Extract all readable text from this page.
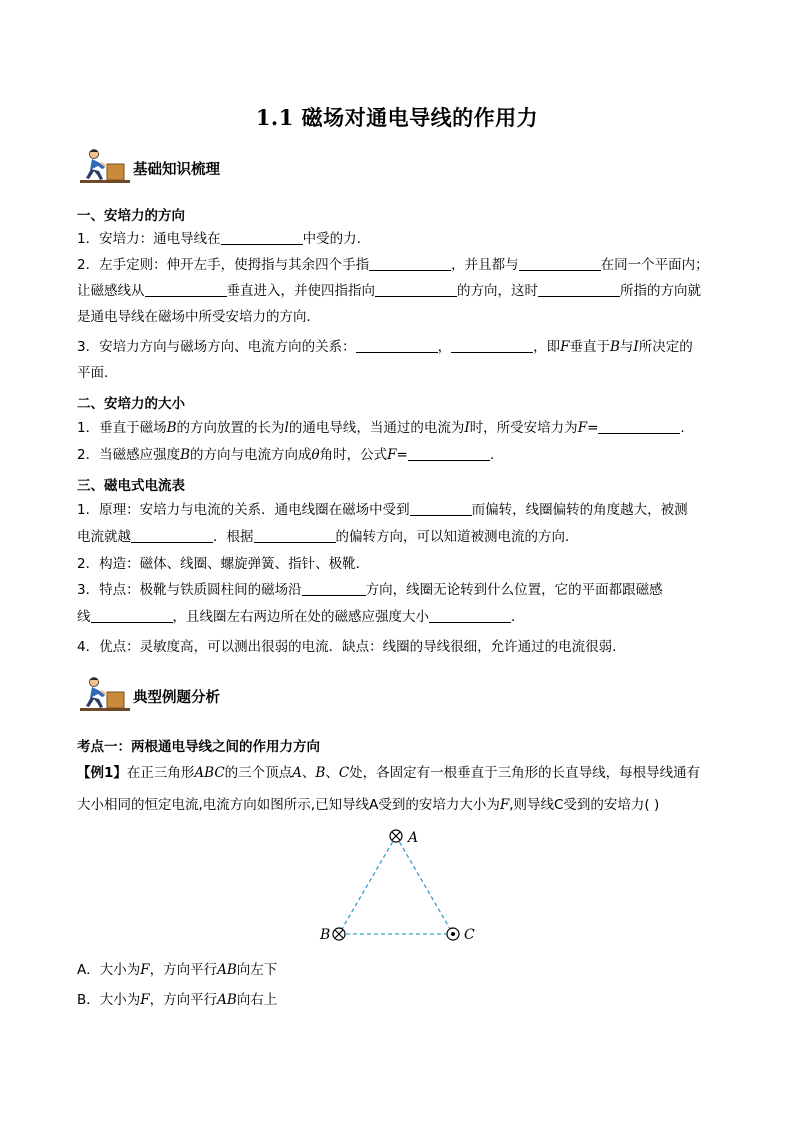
1.1 磁场对通电导线的作用力
基础知识梳理
一、安培力的方向
1．安培力：通电导线在	中受的力．
2．左手定则：伸开左手，使拇指与其余四个手指	，并且都与	在同一个平面内；
让磁感线从	垂直进入，并使四指指向	的方向，这时	所指的方向就
是通电导线在磁场中所受安培力的方向．
3．安培力方向与磁场方向、电流方向的关系：	，	，即F垂直于B与I所决定的
平面．
二、安培力的大小
1．垂直于磁场B的方向放置的长为l的通电导线，当通过的电流为I时，所受安培力为F=	.
2．当磁感应强度B的方向与电流方向成θ角时，公式F=	.
三、磁电式电流表
1．原理：安培力与电流的关系．通电线圈在磁场中受到	而偏转，线圈偏转的角度越大，被测
电流就越	．根据	的偏转方向，可以知道被测电流的方向．
2．构造：磁体、线圈、螺旋弹簧、指针、极靴．
3．特点：极靴与铁质圆柱间的磁场沿	方向，线圈无论转到什么位置，它的平面都跟磁感
线	，且线圈左右两边所在处的磁感应强度大小	．
4．优点：灵敏度高，可以测出很弱的电流．缺点：线圈的导线很细，允许通过的电流很弱．
典型例题分析
考点一：两根通电导线之间的作用力方向
【例1】在正三角形ABC的三个顶点A、B、C处，各固定有一根垂直于三角形的长直导线，每根导线通有
大小相同的恒定电流,电流方向如图所示,已知导线A受到的安培力大小为F,则导线C受到的安培力( )
A
B	C
A．大小为F，方向平行AB向左下
B．大小为F，方向平行AB向右上
